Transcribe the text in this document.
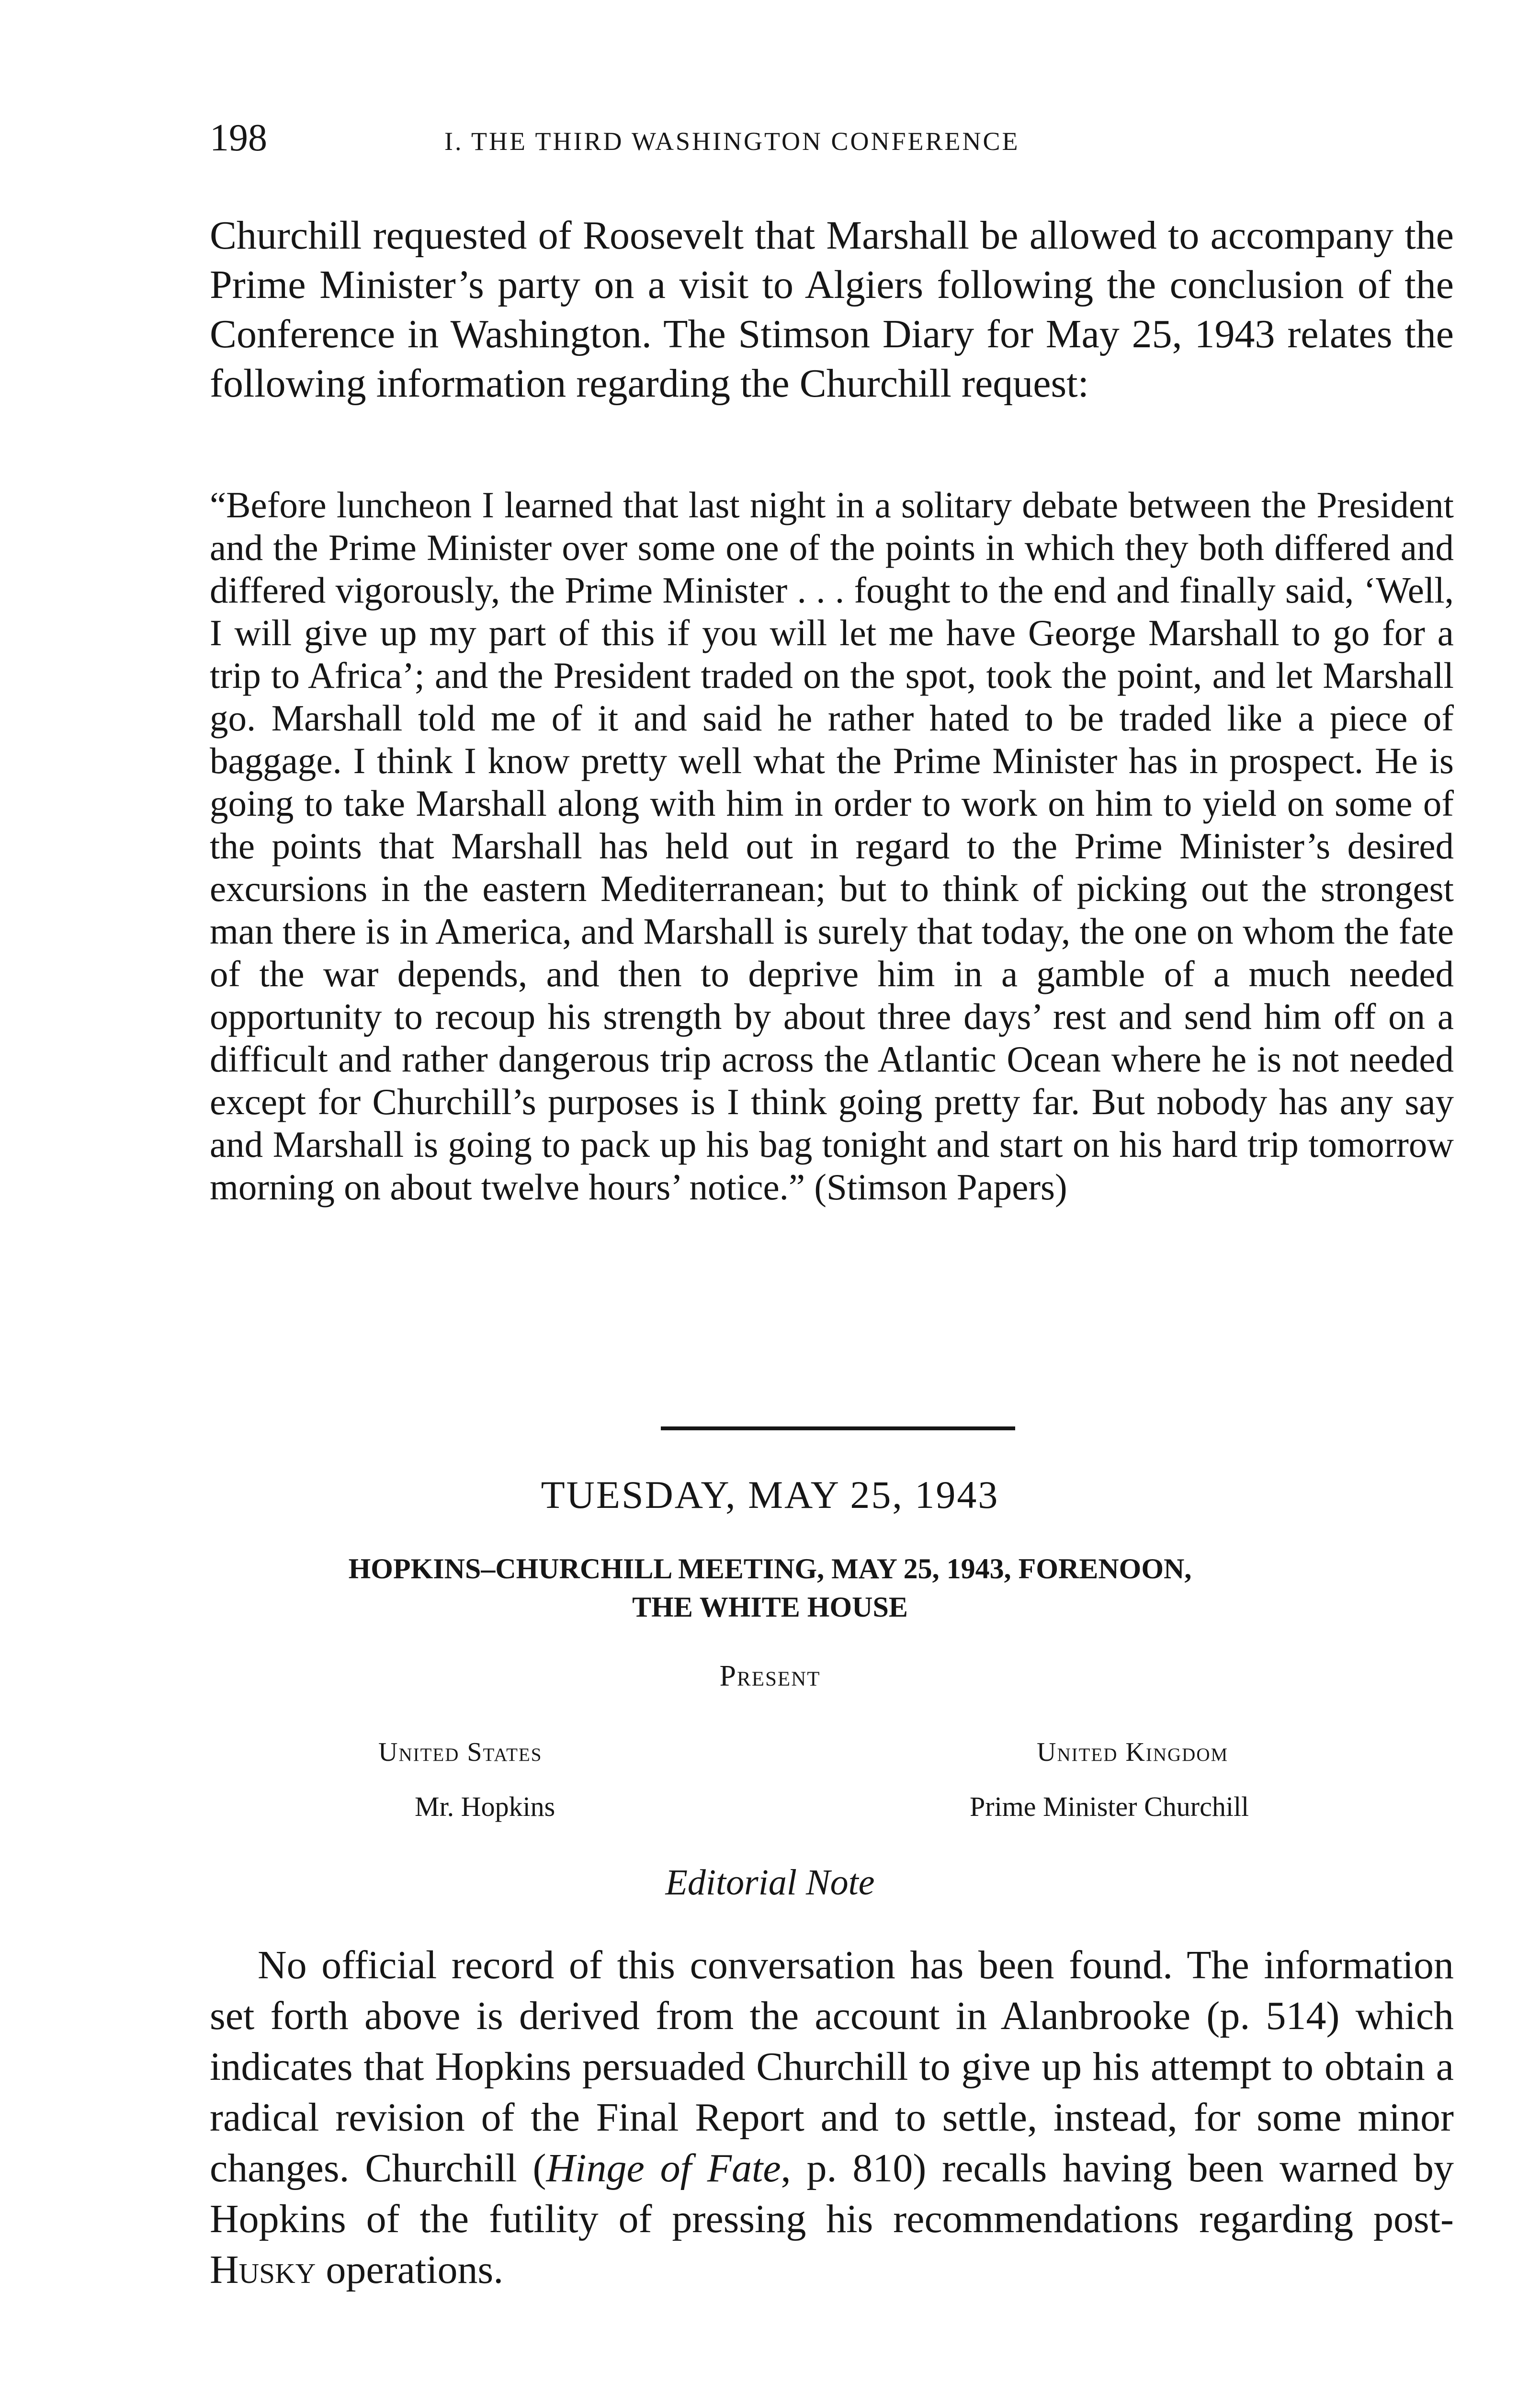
198	I. THE THIRD WASHINGTON CONFERENCE

Churchill requested of Roosevelt that Marshall be allowed to accompany the Prime Minister’s party on a visit to Algiers following the conclusion of the Conference in Washington. The Stimson Diary for May 25, 1943 relates the following information regarding the Churchill request:

“Before luncheon I learned that last night in a solitary debate between the President and the Prime Minister over some one of the points in which they both differed and differed vigorously, the Prime Minister . . . fought to the end and finally said, ‘Well, I will give up my part of this if you will let me have George Marshall to go for a trip to Africa’; and the President traded on the spot, took the point, and let Marshall go. Marshall told me of it and said he rather hated to be traded like a piece of baggage. I think I know pretty well what the Prime Minister has in prospect. He is going to take Marshall along with him in order to work on him to yield on some of the points that Marshall has held out in regard to the Prime Minister’s desired excursions in the eastern Mediterranean; but to think of picking out the strongest man there is in America, and Marshall is surely that today, the one on whom the fate of the war depends, and then to deprive him in a gamble of a much needed opportunity to recoup his strength by about three days’ rest and send him off on a difficult and rather dangerous trip across the Atlantic Ocean where he is not needed except for Churchill’s purposes is I think going pretty far. But nobody has any say and Marshall is going to pack up his bag tonight and start on his hard trip tomorrow morning on about twelve hours’ notice.” (Stimson Papers)

TUESDAY, MAY 25, 1943
HOPKINS–CHURCHILL MEETING, MAY 25, 1943, FORENOON,
THE WHITE HOUSE
Present
United States	United Kingdom
Mr. Hopkins	Prime Minister Churchill
Editorial Note

No official record of this conversation has been found. The information set forth above is derived from the account in Alanbrooke (p. 514) which indicates that Hopkins persuaded Churchill to give up his attempt to obtain a radical revision of the Final Report and to settle, instead, for some minor changes. Churchill (Hinge of Fate, p. 810) recalls having been warned by Hopkins of the futility of pressing his recommendations regarding post-Husky operations.
